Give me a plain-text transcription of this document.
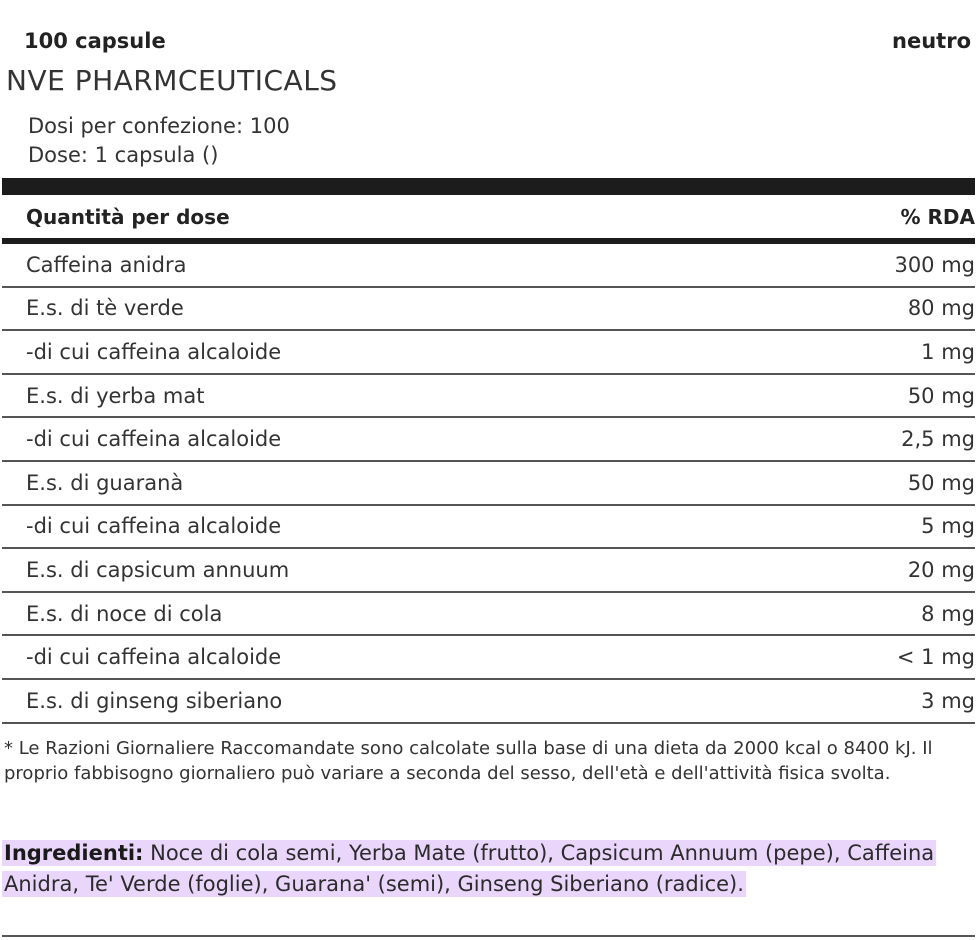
100 capsule	neutro
NVE PHARMCEUTICALS
Dosi per confezione: 100
Dose: 1 capsula ()
Quantità per dose	% RDA
Caffeina anidra	300 mg
E.s. di tè verde	80 mg
-di cui caffeina alcaloide	1 mg
E.s. di yerba mat	50 mg
-di cui caffeina alcaloide	2,5 mg
E.s. di guaranà	50 mg
-di cui caffeina alcaloide	5 mg
E.s. di capsicum annuum	20 mg
E.s. di noce di cola	8 mg
-di cui caffeina alcaloide	< 1 mg
E.s. di ginseng siberiano	3 mg
* Le Razioni Giornaliere Raccomandate sono calcolate sulla base di una dieta da 2000 kcal o 8400 kJ. Il proprio fabbisogno giornaliero può variare a seconda del sesso, dell'età e dell'attività fisica svolta.
Ingredienti: Noce di cola semi, Yerba Mate (frutto), Capsicum Annuum (pepe), Caffeina Anidra, Te' Verde (foglie), Guarana' (semi), Ginseng Siberiano (radice).
